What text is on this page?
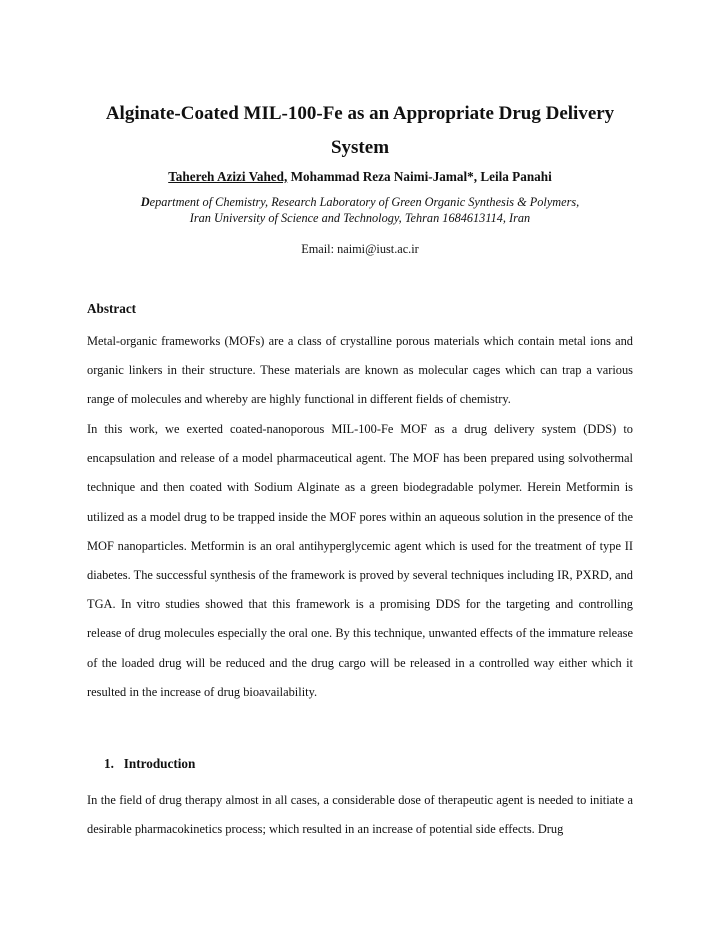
Alginate-Coated MIL-100-Fe as an Appropriate Drug Delivery
System
Tahereh Azizi Vahed, Mohammad Reza Naimi-Jamal*, Leila Panahi
Department of Chemistry, Research Laboratory of Green Organic Synthesis & Polymers,
Iran University of Science and Technology, Tehran 1684613114, Iran
Email: naimi@iust.ac.ir
Abstract

Metal-organic frameworks (MOFs) are a class of crystalline porous materials which contain metal ions and organic linkers in their structure. These materials are known as molecular cages which can trap a various range of molecules and whereby are highly functional in different fields of chemistry.

In this work, we exerted coated-nanoporous MIL-100-Fe MOF as a drug delivery system (DDS) to encapsulation and release of a model pharmaceutical agent. The MOF has been prepared using solvothermal technique and then coated with Sodium Alginate as a green biodegradable polymer. Herein Metformin is utilized as a model drug to be trapped inside the MOF pores within an aqueous solution in the presence of the MOF nanoparticles. Metformin is an oral antihyperglycemic agent which is used for the treatment of type II diabetes. The successful synthesis of the framework is proved by several techniques including IR, PXRD, and TGA. In vitro studies showed that this framework is a promising DDS for the targeting and controlling release of drug molecules especially the oral one. By this technique, unwanted effects of the immature release of the loaded drug will be reduced and the drug cargo will be released in a controlled way either which it resulted in the increase of drug bioavailability.

1.   Introduction

In the field of drug therapy almost in all cases, a considerable dose of therapeutic agent is needed to initiate a desirable pharmacokinetics process; which resulted in an increase of potential side effects. Drug
